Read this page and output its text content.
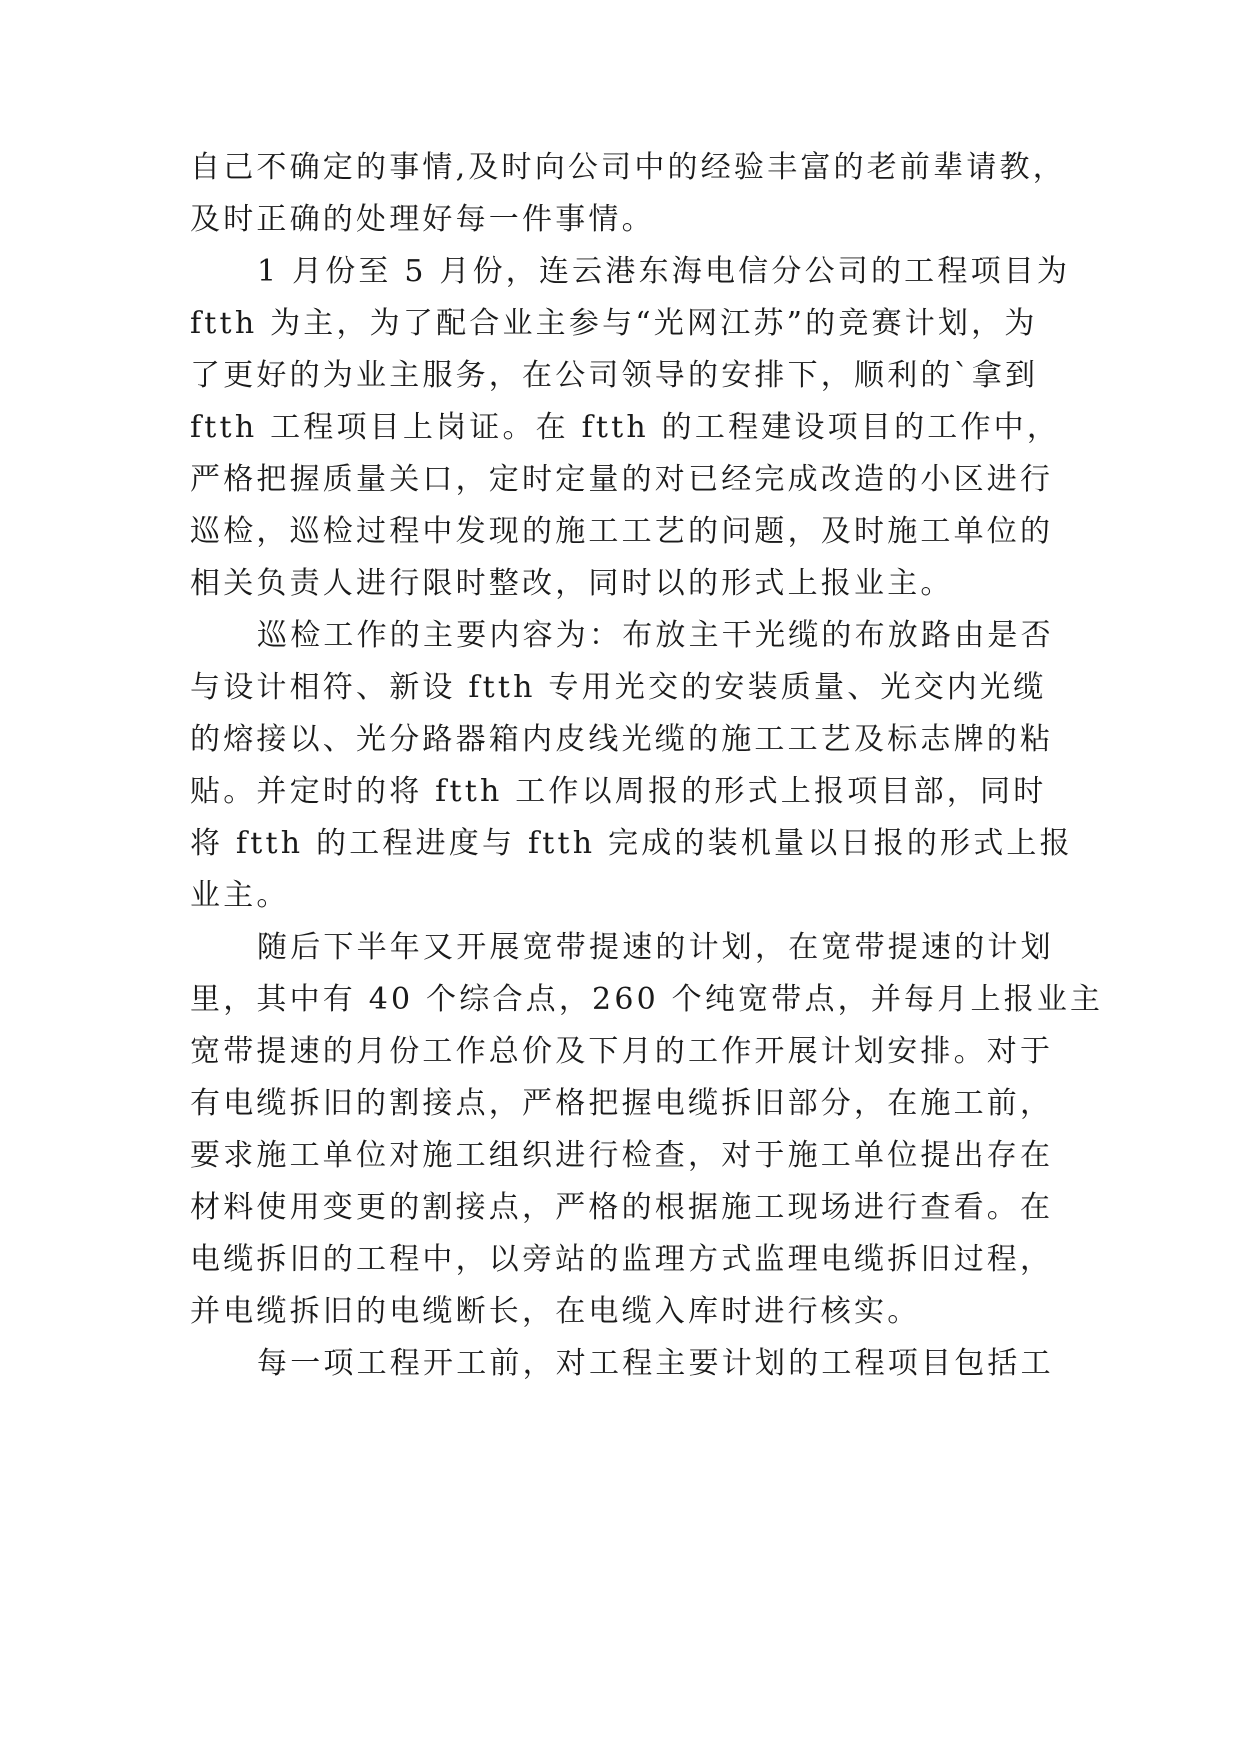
自己不确定的事情,及时向公司中的经验丰富的老前辈请教，
及时正确的处理好每一件事情。
1 月份至 5 月份，连云港东海电信分公司的工程项目为
ftth 为主，为了配合业主参与“光网江苏”的竞赛计划，为
了更好的为业主服务，在公司领导的安排下，顺利的`拿到
ftth 工程项目上岗证。在 ftth 的工程建设项目的工作中，
严格把握质量关口，定时定量的对已经完成改造的小区进行
巡检，巡检过程中发现的施工工艺的问题，及时施工单位的
相关负责人进行限时整改，同时以的形式上报业主。
巡检工作的主要内容为：布放主干光缆的布放路由是否
与设计相符、新设 ftth 专用光交的安装质量、光交内光缆
的熔接以、光分路器箱内皮线光缆的施工工艺及标志牌的粘
贴。并定时的将 ftth 工作以周报的形式上报项目部，同时
将 ftth 的工程进度与 ftth 完成的装机量以日报的形式上报
业主。
随后下半年又开展宽带提速的计划，在宽带提速的计划
里，其中有 40 个综合点，260 个纯宽带点，并每月上报业主
宽带提速的月份工作总价及下月的工作开展计划安排。对于
有电缆拆旧的割接点，严格把握电缆拆旧部分，在施工前，
要求施工单位对施工组织进行检查，对于施工单位提出存在
材料使用变更的割接点，严格的根据施工现场进行查看。在
电缆拆旧的工程中，以旁站的监理方式监理电缆拆旧过程，
并电缆拆旧的电缆断长，在电缆入库时进行核实。
每一项工程开工前，对工程主要计划的工程项目包括工
